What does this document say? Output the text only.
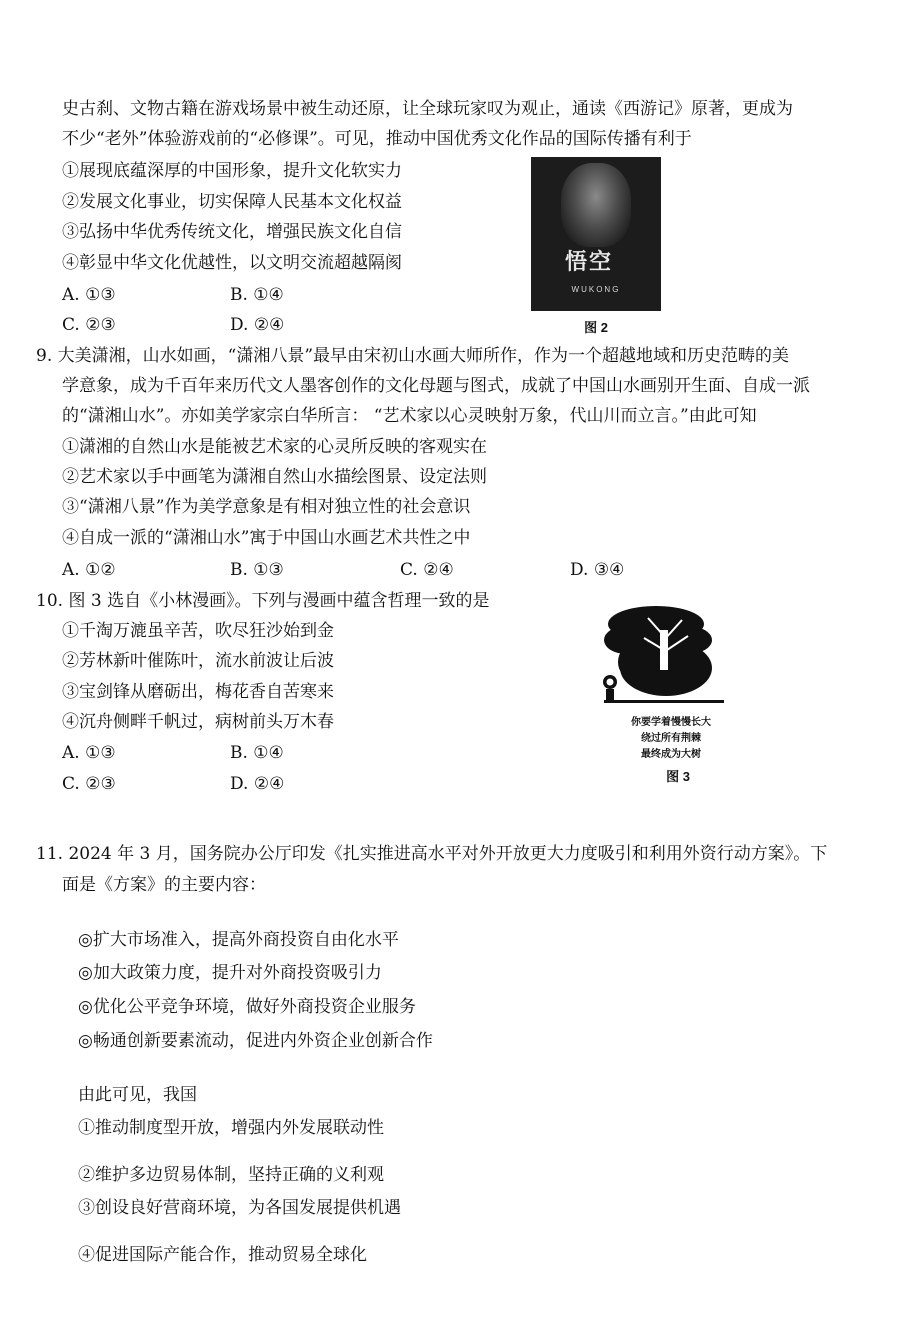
史古刹、文物古籍在游戏场景中被生动还原，让全球玩家叹为观止，通读《西游记》原著，更成为
不少“老外”体验游戏前的“必修课”。可见，推动中国优秀文化作品的国际传播有利于
①展现底蕴深厚的中国形象，提升文化软实力
②发展文化事业，切实保障人民基本文化权益
③弘扬中华优秀传统文化，增强民族文化自信
④彰显中华文化优越性，以文明交流超越隔阂
A. ①③	B. ①④
C. ②③	D. ②④
悟空
WUKONG
图 2
9. 大美潇湘，山水如画，“潇湘八景”最早由宋初山水画大师所作，作为一个超越地域和历史范畴的美
学意象，成为千百年来历代文人墨客创作的文化母题与图式，成就了中国山水画别开生面、自成一派
的“潇湘山水”。亦如美学家宗白华所言： “艺术家以心灵映射万象，代山川而立言。”由此可知
①潇湘的自然山水是能被艺术家的心灵所反映的客观实在
②艺术家以手中画笔为潇湘自然山水描绘图景、设定法则
③“潇湘八景”作为美学意象是有相对独立性的社会意识
④自成一派的“潇湘山水”寓于中国山水画艺术共性之中
A. ①②	B. ①③	C. ②④	D. ③④
10. 图 3 选自《小林漫画》。下列与漫画中蕴含哲理一致的是
①千淘万漉虽辛苦，吹尽狂沙始到金
②芳林新叶催陈叶，流水前波让后波
③宝剑锋从磨砺出，梅花香自苦寒来
④沉舟侧畔千帆过，病树前头万木春
A. ①③	B. ①④
C. ②③	D. ②④
你要学着慢慢长大
绕过所有荆棘
最终成为大树
图 3
11. 2024 年 3 月，国务院办公厅印发《扎实推进高水平对外开放更大力度吸引和利用外资行动方案》。下
面是《方案》的主要内容：
◎扩大市场准入，提高外商投资自由化水平
◎加大政策力度，提升对外商投资吸引力
◎优化公平竞争环境，做好外商投资企业服务
◎畅通创新要素流动，促进内外资企业创新合作
由此可见，我国
①推动制度型开放，增强内外发展联动性
②维护多边贸易体制，坚持正确的义利观
③创设良好营商环境，为各国发展提供机遇
④促进国际产能合作，推动贸易全球化
